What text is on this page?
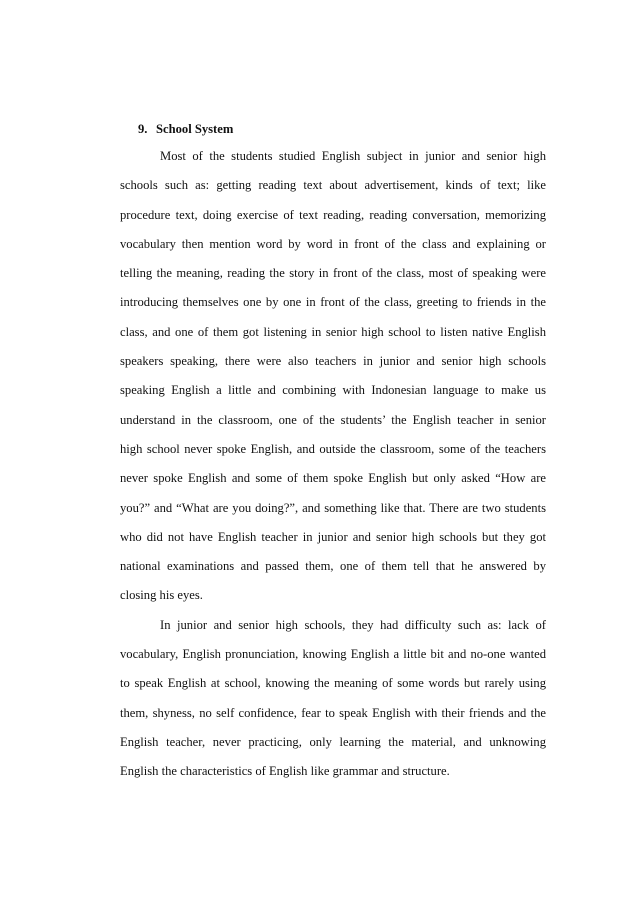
9. School System
Most of the students studied English subject in junior and senior high
schools such as: getting reading text about advertisement, kinds of text; like
procedure text, doing exercise of text reading, reading conversation, memorizing
vocabulary then mention word by word in front of the class and explaining or
telling the meaning, reading the story in front of the class, most of speaking were
introducing themselves one by one in front of the class, greeting to friends in the
class, and one of them got listening in senior high school to listen native English
speakers speaking, there were also teachers in junior and senior high schools
speaking English a little and combining with Indonesian language to make us
understand in the classroom, one of the students’ the English teacher in senior
high school never spoke English, and outside the classroom, some of the teachers
never spoke English and some of them spoke English but only asked “How are
you?” and “What are you doing?”, and something like that. There are two students
who did not have English teacher in junior and senior high schools but they got
national examinations and passed them, one of them tell that he answered by
closing his eyes.
In junior and senior high schools, they had difficulty such as: lack of
vocabulary, English pronunciation, knowing English a little bit and no-one wanted
to speak English at school, knowing the meaning of some words but rarely using
them, shyness, no self confidence, fear to speak English with their friends and the
English teacher, never practicing, only learning the material, and unknowing
English the characteristics of English like grammar and structure.
